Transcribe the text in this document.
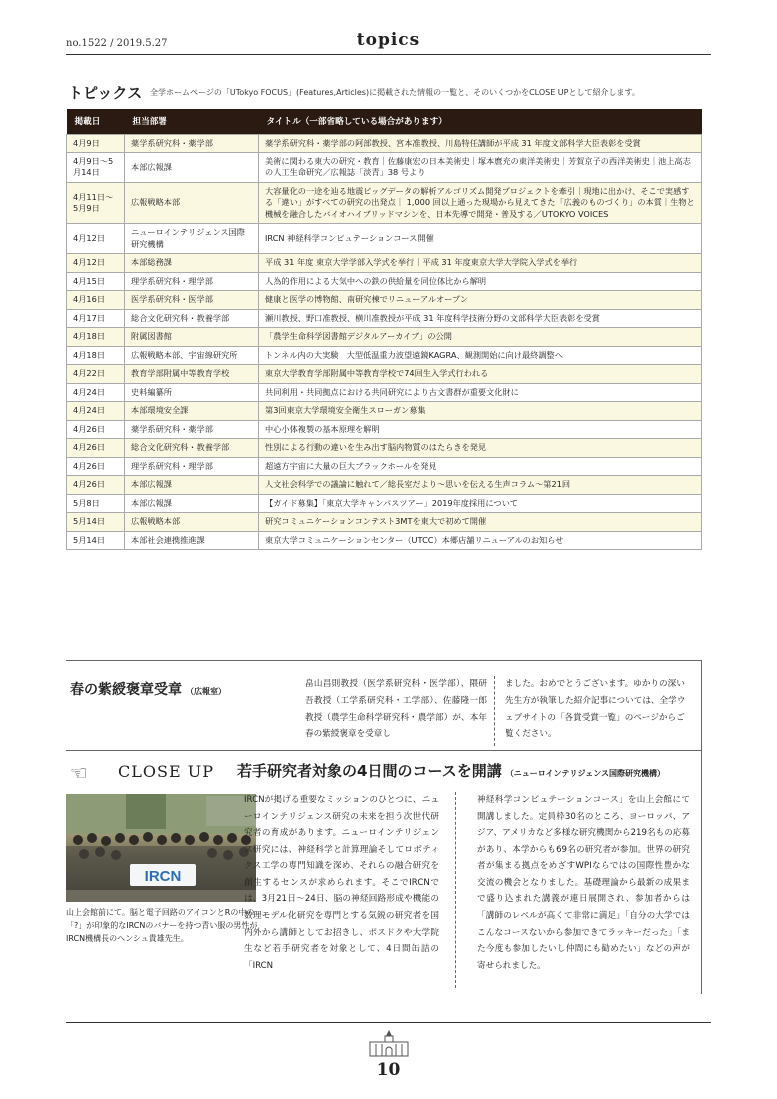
no.1522 / 2019.5.27	topics
トピックス 全学ホームページの「UTokyo FOCUS」(Features,Articles)に掲載された情報の一覧と、そのいくつかをCLOSE UPとして紹介します。
掲載日	担当部署	タイトル（一部省略している場合があります）
4月9日	薬学系研究科・薬学部	薬学系研究科・薬学部の阿部教授、宮本准教授、川島特任講師が平成 31 年度文部科学大臣表彰を受賞
4月9日～5月14日	本部広報課	美術に関わる東大の研究・教育｜佐藤康宏の日本美術史｜塚本麿充の東洋美術史｜芳賀京子の西洋美術史｜池上高志の人工生命研究／広報誌「淡青」38 号より
4月11日～5月9日	広報戦略本部	大容量化の一途を辿る地震ビッグデータの解析アルゴリズム開発プロジェクトを牽引｜現地に出かけ、そこで実感する「違い」がすべての研究の出発点｜ 1,000 回以上通った現場から見えてきた「広義のものづくり」の本質｜生物と機械を融合したバイオハイブリッドマシンを、日本先導で開発・普及する／UTOKYO VOICES
4月12日	ニューロインテリジェンス国際研究機構	IRCN 神経科学コンピュテーションコース開催
4月12日	本部総務課	平成 31 年度 東京大学学部入学式を挙行｜平成 31 年度東京大学大学院入学式を挙行
4月15日	理学系研究科・理学部	人為的作用による大気中への鉄の供給量を同位体比から解明
4月16日	医学系研究科・医学部	健康と医学の博物館、南研究棟でリニューアルオープン
4月17日	総合文化研究科・教養学部	瀬川教授、野口准教授、横川准教授が平成 31 年度科学技術分野の文部科学大臣表彰を受賞
4月18日	附属図書館	「農学生命科学図書館デジタルアーカイブ」の公開
4月18日	広報戦略本部、宇宙線研究所	トンネル内の大実験　大型低温重力波望遠鏡KAGRA、観測開始に向け最終調整へ
4月22日	教育学部附属中等教育学校	東京大学教育学部附属中等教育学校で74回生入学式行われる
4月24日	史料編纂所	共同利用・共同拠点における共同研究により古文書群が重要文化財に
4月24日	本部環境安全課	第3回東京大学環境安全衛生スローガン募集
4月26日	薬学系研究科・薬学部	中心小体複製の基本原理を解明
4月26日	総合文化研究科・教養学部	性別による行動の違いを生み出す脳内物質のはたらきを発見
4月26日	理学系研究科・理学部	超遠方宇宙に大量の巨大ブラックホールを発見
4月26日	本部広報課	人文社会科学での議論に触れて／総長室だより～思いを伝える生声コラム～第21回
5月8日	本部広報課	【ガイド募集】「東京大学キャンパスツアー」2019年度採用について
5月14日	広報戦略本部	研究コミュニケーションコンテスト3MTを東大で初めて開催
5月14日	本部社会連携推進課	東京大学コミュニケーションセンター（UTCC）本郷店舗リニューアルのお知らせ
春の紫綬褒章受章 （広報室）
畠山昌則教授（医学系研究科・医学部）、隈研吾教授（工学系研究科・工学部）、佐藤隆一郎教授（農学生命科学研究科・農学部）が、本年春の紫綬褒章を受章し
ました。おめでとうございます。ゆかりの深い先生方が執筆した紹介記事については、全学ウェブサイトの「各賞受賞一覧」のページからご覧ください。
☜ CLOSE UP 若手研究者対象の4日間のコースを開講 （ニューロインテリジェンス国際研究機構）
IRCN
山上会館前にて。脳と電子回路のアイコンとRの中の「?」が印象的なIRCNのバナーを持つ青い服の男性がIRCN機構長のヘンシュ貴雄先生。
IRCNが掲げる重要なミッションのひとつに、ニューロインテリジェンス研究の未来を担う次世代研究者の育成があります。ニューロインテリジェンス研究には、神経科学と計算理論そしてロボティクス工学の専門知識を深め、それらの融合研究を創生するセンスが求められます。そこでIRCNでは、3月21日～24日、脳の神経回路形成や機能の数理モデル化研究を専門とする気鋭の研究者を国内外から講師としてお招きし、ポスドクや大学院生など若手研究者を対象として、4日間缶詰の「IRCN
神経科学コンピュテーションコース」を山上会館にて開講しました。定員枠30名のところ、ヨーロッパ、アジア、アメリカなど多様な研究機関から219名もの応募があり、本学からも69名の研究者が参加。世界の研究者が集まる拠点をめざすWPIならではの国際性豊かな交流の機会となりました。基礎理論から最新の成果まで盛り込まれた講義が連日展開され、参加者からは「講師のレベルが高くて非常に満足」「自分の大学ではこんなコースないから参加できてラッキーだった」「また今度も参加したいし仲間にも勧めたい」などの声が寄せられました。
10
